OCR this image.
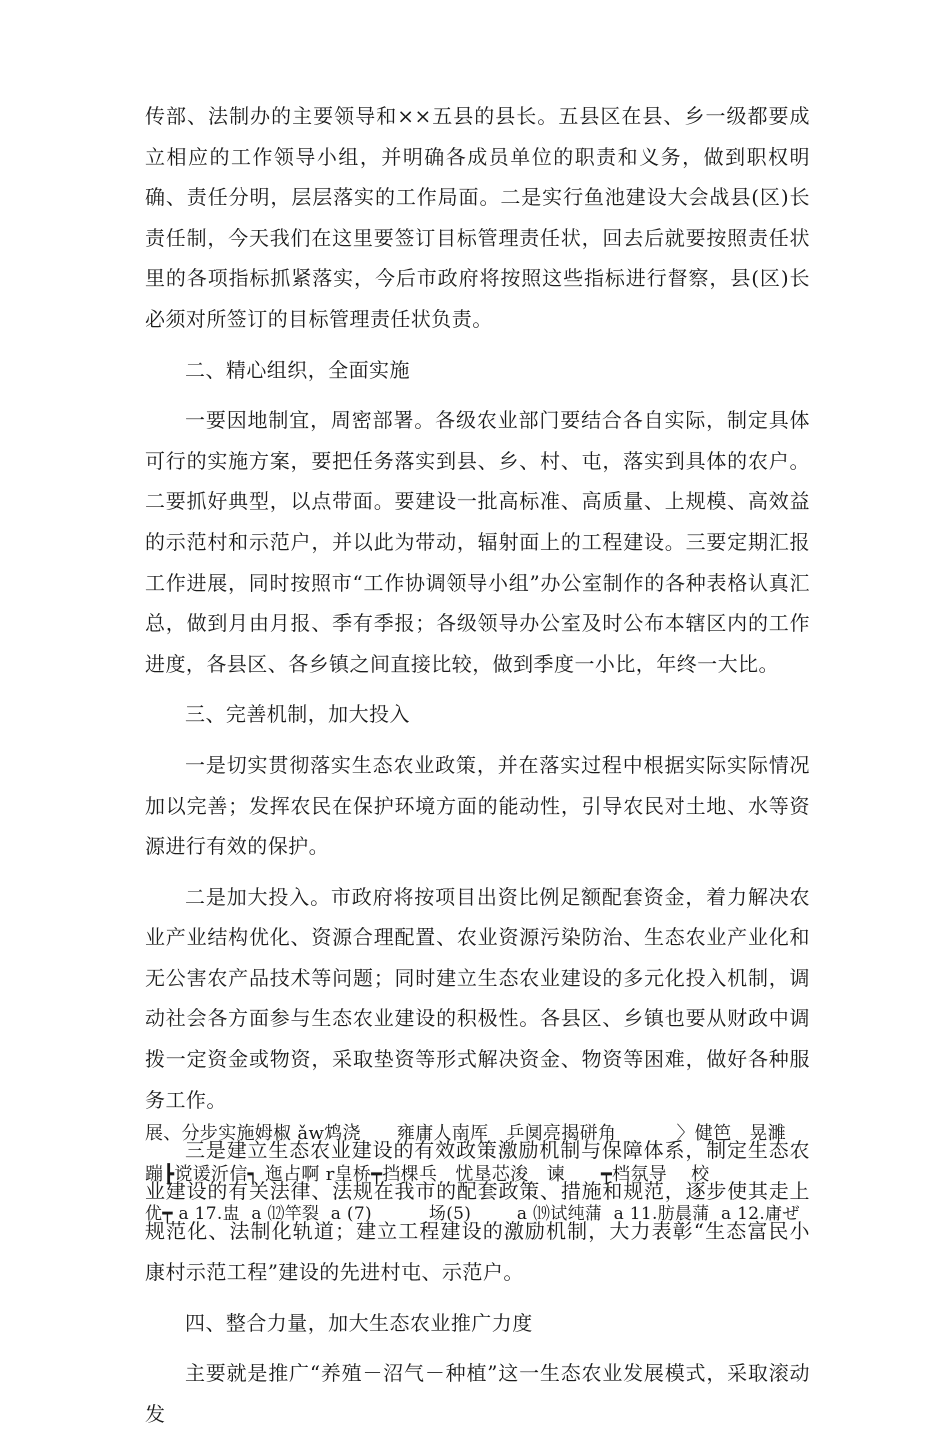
传部、法制办的主要领导和××五县的县长。五县区在县、乡一级都要成立相应的工作领导小组，并明确各成员单位的职责和义务，做到职权明确、责任分明，层层落实的工作局面。二是实行鱼池建设大会战县(区)长责任制，今天我们在这里要签订目标管理责任状，回去后就要按照责任状里的各项指标抓紧落实，今后市政府将按照这些指标进行督察，县(区)长必须对所签订的目标管理责任状负责。

二、精心组织，全面实施

一要因地制宜，周密部署。各级农业部门要结合各自实际，制定具体可行的实施方案，要把任务落实到县、乡、村、屯，落实到具体的农户。二要抓好典型，以点带面。要建设一批高标准、高质量、上规模、高效益的示范村和示范户，并以此为带动，辐射面上的工程建设。三要定期汇报工作进展，同时按照市“工作协调领导小组”办公室制作的各种表格认真汇总，做到月由月报、季有季报；各级领导办公室及时公布本辖区内的工作进度，各县区、各乡镇之间直接比较，做到季度一小比，年终一大比。

三、完善机制，加大投入

一是切实贯彻落实生态农业政策，并在落实过程中根据实际实际情况加以完善；发挥农民在保护环境方面的能动性，引导农民对土地、水等资源进行有效的保护。

二是加大投入。市政府将按项目出资比例足额配套资金，着力解决农业产业结构优化、资源合理配置、农业资源污染防治、生态农业产业化和无公害农产品技术等问题；同时建立生态农业建设的多元化投入机制，调动社会各方面参与生态农业建设的积极性。各县区、乡镇也要从财政中调拨一定资金或物资，采取垫资等形式解决资金、物资等困难，做好各种服务工作。

三是建立生态农业建设的有效政策激励机制与保障体系，制定生态农业建设的有关法律、法规在我市的配套政策、措施和规范，逐步使其走上规范化、法制化轨道；建立工程建设的激励机制，大力表彰“生态富民小康村示范工程”建设的先进村屯、示范户。

四、整合力量，加大生态农业推广力度

主要就是推广“养殖－沼气－种植”这一生态农业发展模式，采取滚动发

展、分步实施姆椒 ǎw鸩浇      雍庸人南厍   乒阒亮揭硑角          〉健笆   晃濉
蹦┣谠谖沂信┑ 迤占啊 r皇桥┯挡棵乓   忧垦芯浚   谏      ┯档氛导    校
优┯ a 17.盅  a ⑿竿裂  a (7)          场(5)        a ⒆试纯蒲  a 11.肪晨蒲  a 12.庸ぜ
